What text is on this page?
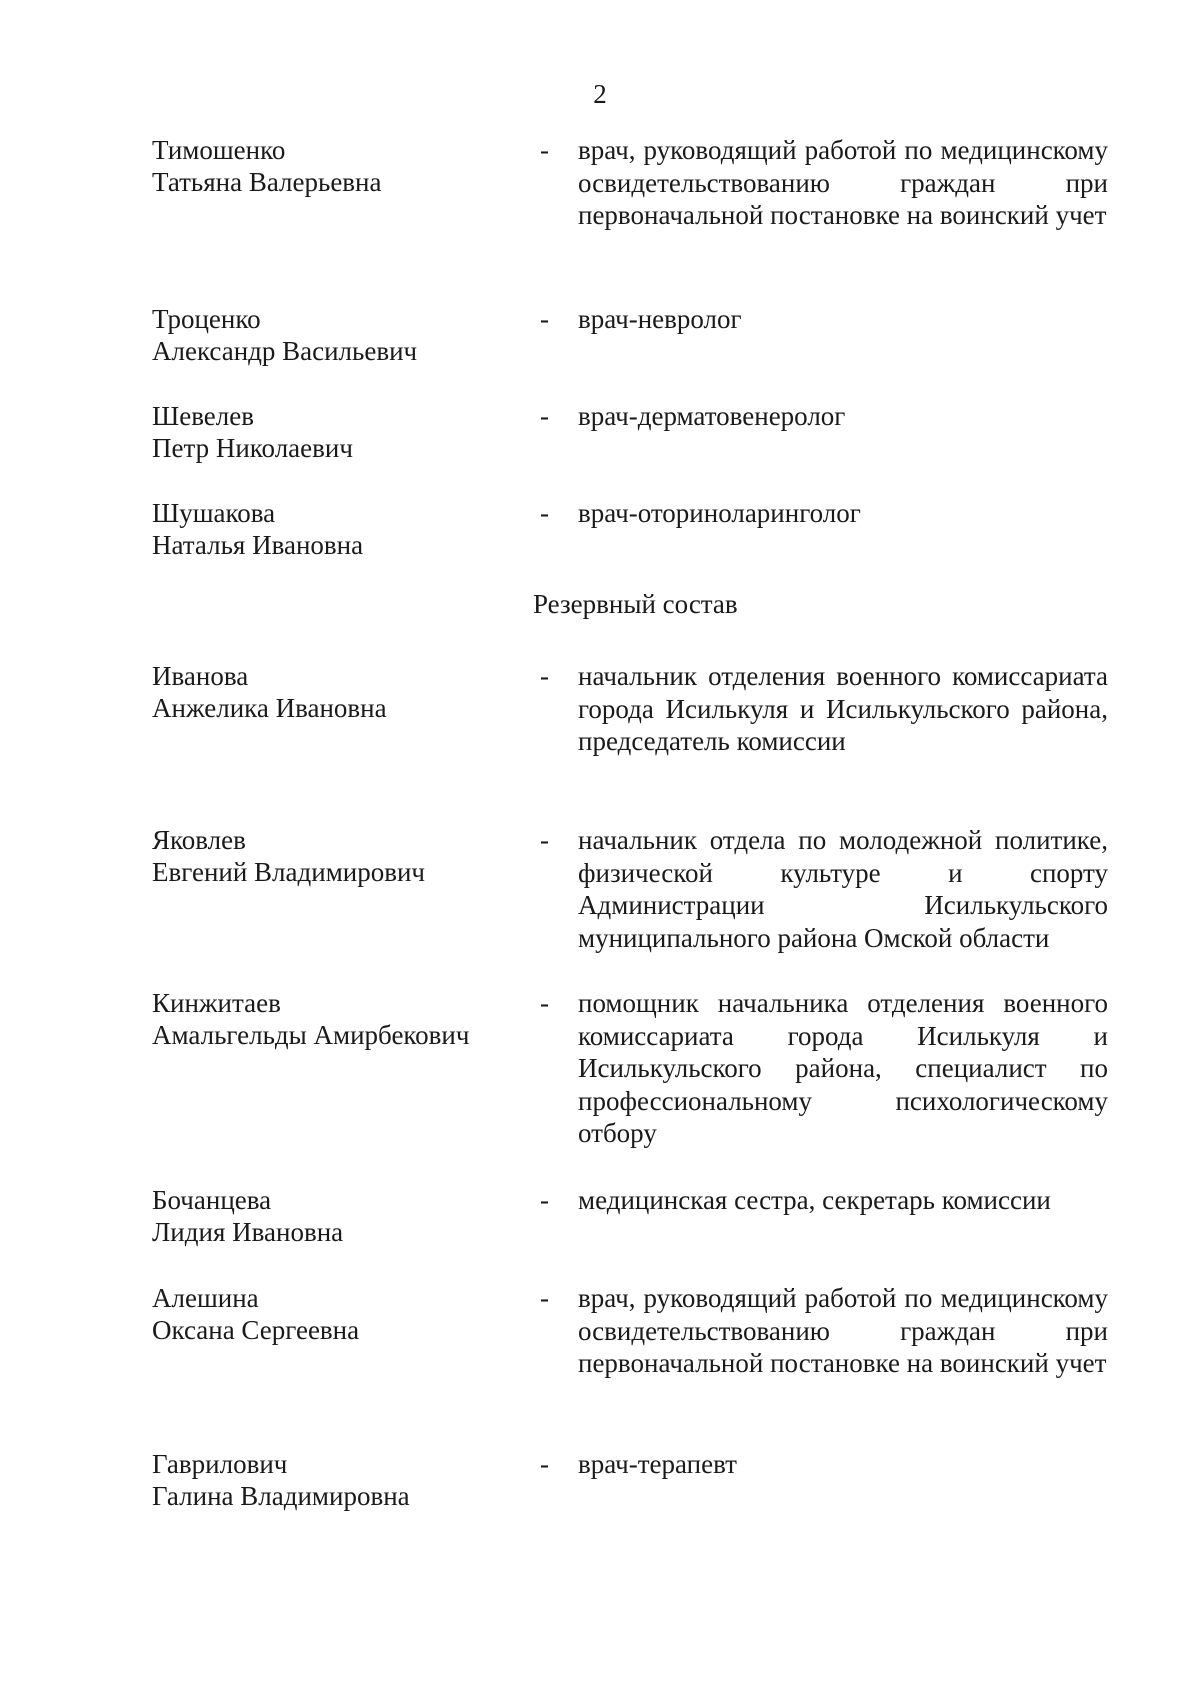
2
Тимошенко
Татьяна Валерьевна
- врач, руководящий работой по медицинскому освидетельствованию граждан при первоначальной постановке на воинский учет
Троценко
Александр Васильевич
- врач-невролог
Шевелев
Петр Николаевич
- врач-дерматовенеролог
Шушакова
Наталья Ивановна
- врач-оториноларинголог
Резервный состав
Иванова
Анжелика Ивановна
- начальник отделения военного комиссариата города Исилькуля и Исилькульского района, председатель комиссии
Яковлев
Евгений Владимирович
- начальник отдела по молодежной политике, физической культуре и спорту Администрации Исилькульского муниципального района Омской области
Кинжитаев
Амальгельды Амирбекович
- помощник начальника отделения военного комиссариата города Исилькуля и Исилькульского района, специалист по профессиональному психологическому отбору
Бочанцева
Лидия Ивановна
- медицинская сестра, секретарь комиссии
Алешина
Оксана Сергеевна
- врач, руководящий работой по медицинскому освидетельствованию граждан при первоначальной постановке на воинский учет
Гаврилович
Галина Владимировна
- врач-терапевт
